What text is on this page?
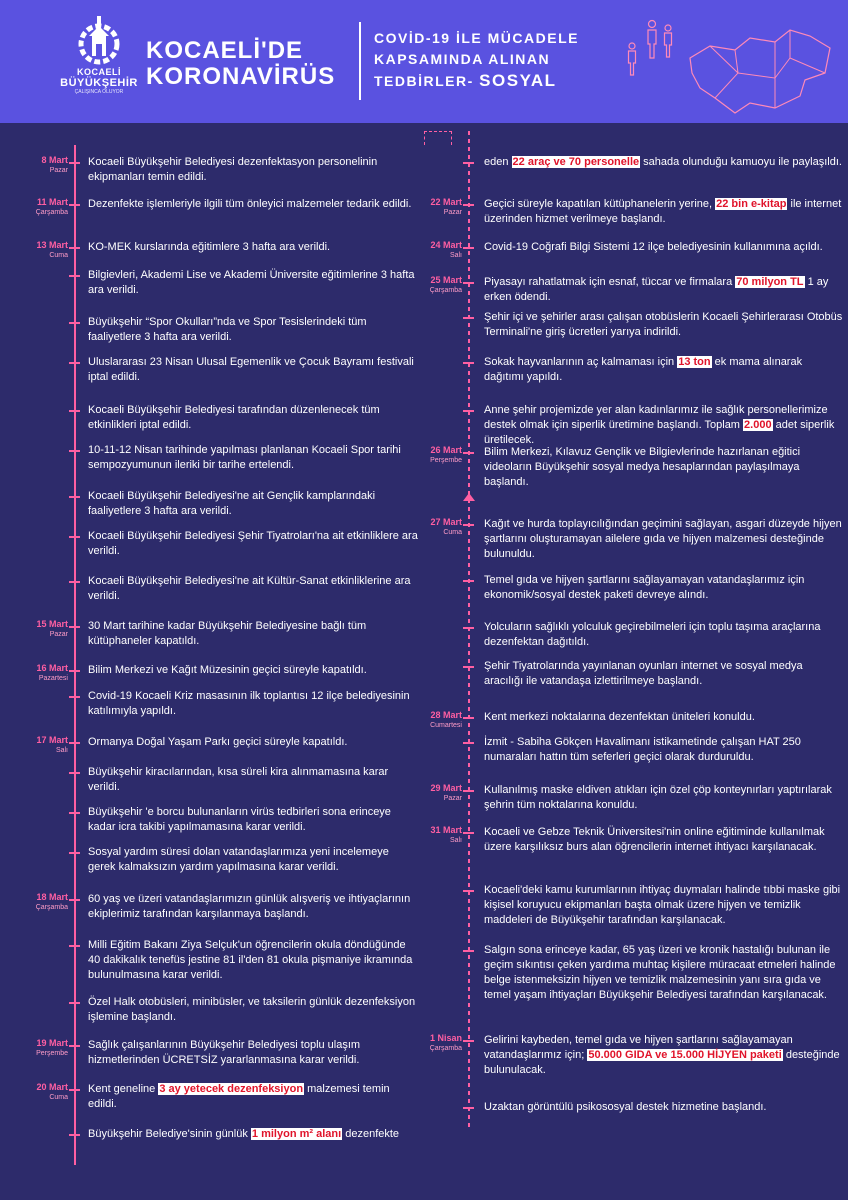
KOCAELİ
BÜYÜKŞEHİR
ÇALIŞINCA OLUYOR
KOCAELİ'DE
KORONAVİRÜS
COVİD-19 İLE MÜCADELE
KAPSAMINDA ALINAN
TEDBİRLER- SOSYAL
8 Mart
Pazar
Kocaeli Büyükşehir Belediyesi dezenfektasyon personelinin ekipmanları temin edildi.
11 Mart
Çarşamba
Dezenfekte işlemleriyle ilgili tüm önleyici malzemeler tedarik edildi.
13 Mart
Cuma
KO-MEK kurslarında eğitimlere 3 hafta ara verildi.
Bilgievleri, Akademi Lise ve Akademi Üniversite eğitimlerine 3 hafta ara verildi.
Büyükşehir “Spor Okulları”nda ve Spor Tesislerindeki tüm faaliyetlere 3 hafta ara verildi.
Uluslararası 23 Nisan Ulusal Egemenlik ve Çocuk Bayramı festivali iptal edildi.
Kocaeli Büyükşehir Belediyesi tarafından düzenlenecek tüm etkinlikleri iptal edildi.
10-11-12 Nisan tarihinde yapılması planlanan Kocaeli Spor tarihi sempozyumunun ileriki bir tarihe ertelendi.
Kocaeli Büyükşehir Belediyesi'ne ait Gençlik kamplarındaki faaliyetlere 3 hafta ara verildi.
Kocaeli Büyükşehir Belediyesi Şehir Tiyatroları'na ait etkinliklere ara verildi.
Kocaeli Büyükşehir Belediyesi'ne ait Kültür-Sanat etkinliklerine ara verildi.
15 Mart
Pazar
30 Mart tarihine kadar Büyükşehir Belediyesine bağlı tüm kütüphaneler kapatıldı.
16 Mart
Pazartesi
Bilim Merkezi ve Kağıt Müzesinin geçici süreyle kapatıldı.
Covid-19 Kocaeli Kriz masasının ilk toplantısı 12 ilçe belediyesinin katılımıyla yapıldı.
17 Mart
Salı
Ormanya Doğal Yaşam Parkı geçici süreyle kapatıldı.
Büyükşehir kiracılarından, kısa süreli kira alınmamasına karar verildi.
Büyükşehir 'e borcu bulunanların virüs tedbirleri sona erinceye kadar icra takibi yapılmamasına karar verildi.
Sosyal yardım süresi dolan vatandaşlarımıza yeni incelemeye gerek kalmaksızın yardım yapılmasına karar verildi.
18 Mart
Çarşamba
60 yaş ve üzeri vatandaşlarımızın günlük alışveriş ve ihtiyaçlarının ekiplerimiz tarafından karşılanmaya başlandı.
Milli Eğitim Bakanı Ziya Selçuk'un öğrencilerin okula döndüğünde 40 dakikalık tenefüs jestine 81 il'den 81 okula pişmaniye ikramında bulunulmasına karar verildi.
Özel Halk otobüsleri, minibüsler, ve taksilerin günlük dezenfeksiyon işlemine başlandı.
19 Mart
Perşembe
Sağlık çalışanlarının Büyükşehir Belediyesi toplu ulaşım hizmetlerinden ÜCRETSİZ yararlanmasına karar verildi.
20 Mart
Cuma
Kent geneline 3 ay yetecek dezenfeksiyon malzemesi temin edildi.
Büyükşehir Belediye'sinin günlük 1 milyon m² alanı dezenfekte
eden 22 araç ve 70 personelle sahada olunduğu kamuoyu ile paylaşıldı.
22 Mart
Pazar
Geçici süreyle kapatılan kütüphanelerin yerine, 22 bin e-kitap ile internet üzerinden hizmet verilmeye başlandı.
24 Mart
Salı
Covid-19 Coğrafi Bilgi Sistemi 12 ilçe belediyesinin kullanımına açıldı.
25 Mart
Çarşamba
Piyasayı rahatlatmak için esnaf, tüccar ve firmalara 70 milyon TL 1 ay erken ödendi.
Şehir içi ve şehirler arası çalışan otobüslerin Kocaeli Şehirlerarası Otobüs Terminali'ne giriş ücretleri yarıya indirildi.
Sokak hayvanlarının aç kalmaması için 13 ton ek mama alınarak dağıtımı yapıldı.
Anne şehir projemizde yer alan kadınlarımız ile sağlık personellerimize destek olmak için siperlik üretimine başlandı. Toplam 2.000 adet siperlik üretilecek.
26 Mart
Perşembe
Bilim Merkezi, Kılavuz Gençlik ve Bilgievlerinde hazırlanan eğitici videoların Büyükşehir sosyal medya hesaplarından paylaşılmaya başlandı.
27 Mart
Cuma
Kağıt ve hurda toplayıcılığından geçimini sağlayan, asgari düzeyde hijyen şartlarını oluşturamayan ailelere gıda ve hijyen malzemesi desteğinde bulunuldu.
Temel gıda ve hijyen şartlarını sağlayamayan vatandaşlarımız için ekonomik/sosyal destek paketi devreye alındı.
Yolcuların sağlıklı yolculuk geçirebilmeleri için toplu taşıma araçlarına dezenfektan dağıtıldı.
Şehir Tiyatrolarında yayınlanan oyunları internet ve sosyal medya aracılığı ile vatandaşa izlettirilmeye başlandı.
28 Mart
Cumartesi
Kent merkezi noktalarına dezenfektan üniteleri konuldu.
İzmit - Sabiha Gökçen Havalimanı istikametinde çalışan HAT 250 numaraları hattın tüm seferleri geçici olarak durduruldu.
29 Mart
Pazar
Kullanılmış maske eldiven atıkları için özel çöp konteynırları yaptırılarak şehrin tüm noktalarına konuldu.
31 Mart
Salı
Kocaeli ve Gebze Teknik Üniversitesi'nin online eğitiminde kullanılmak üzere karşılıksız burs alan öğrencilerin internet ihtiyacı karşılanacak.
Kocaeli'deki kamu kurumlarının ihtiyaç duymaları halinde tıbbi maske gibi kişisel koruyucu ekipmanları başta olmak üzere hijyen ve temizlik maddeleri de Büyükşehir tarafından karşılanacak.
Salgın sona erinceye kadar, 65 yaş üzeri ve kronik hastalığı bulunan ile geçim sıkıntısı çeken yardıma muhtaç kişilere müracaat etmeleri halinde belge istenmeksizin hijyen ve temizlik malzemesinin yanı sıra gıda ve temel yaşam ihtiyaçları Büyükşehir Belediyesi tarafından karşılanacak.
1 Nisan
Çarşamba
Gelirini kaybeden, temel gıda ve hijyen şartlarını sağlayamayan vatandaşlarımız için; 50.000 GIDA ve 15.000 HİJYEN paketi desteğinde bulunulacak.
Uzaktan görüntülü psikososyal destek hizmetine başlandı.
